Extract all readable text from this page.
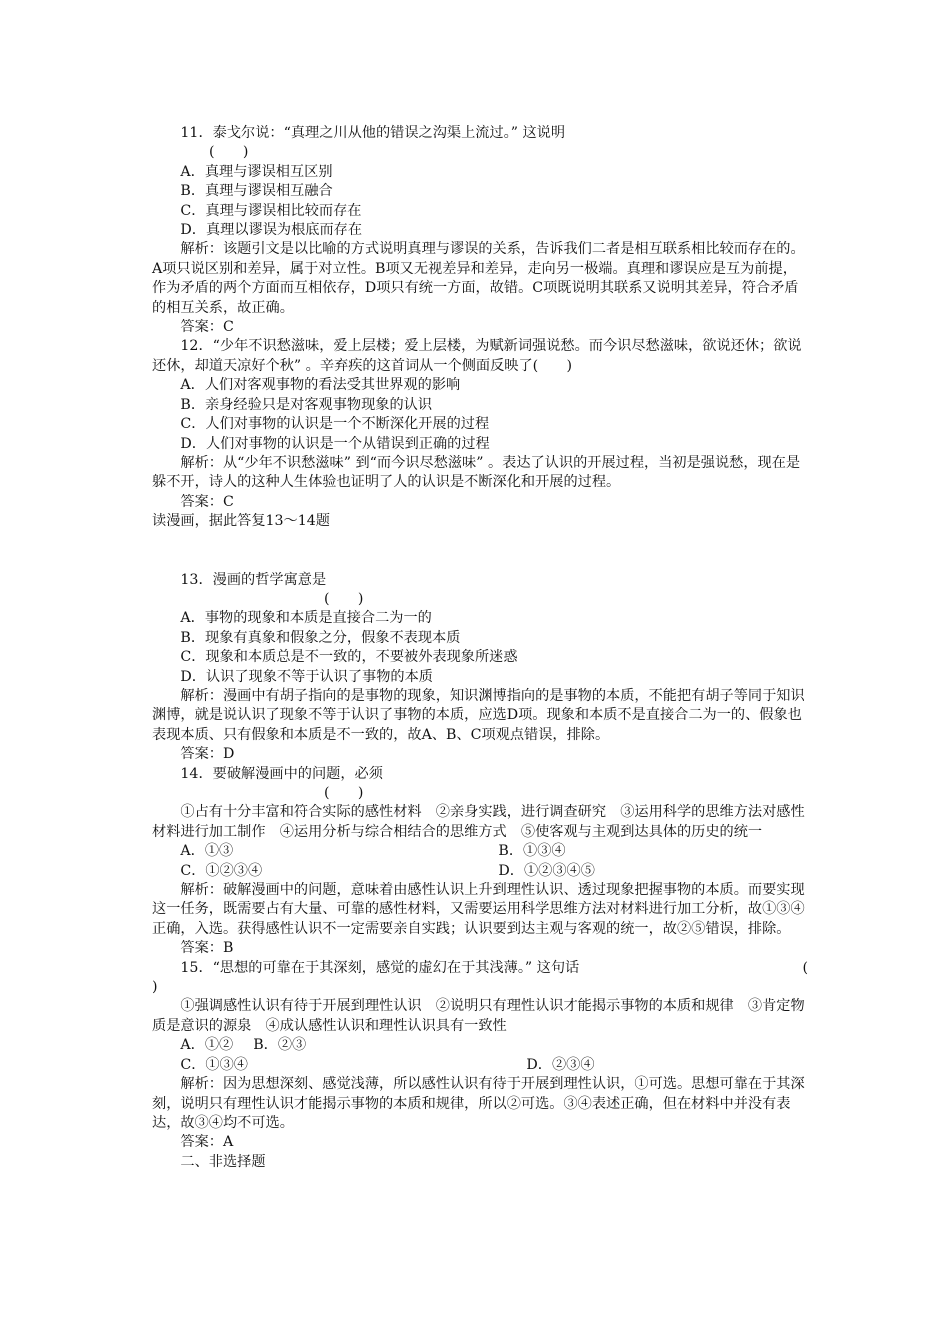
11．泰戈尔说：“真理之川从他的错误之沟渠上流过。” 这说明

(　　)

A．真理与谬误相互区别

B．真理与谬误相互融合

C．真理与谬误相比较而存在

D．真理以谬误为根底而存在

解析：该题引文是以比喻的方式说明真理与谬误的关系，告诉我们二者是相互联系相比较而存在的。A项只说区别和差异，属于对立性。B项又无视差异和差异，走向另一极端。真理和谬误应是互为前提，作为矛盾的两个方面而互相依存，D项只有统一方面，故错。C项既说明其联系又说明其差异，符合矛盾的相互关系，故正确。

答案：C

12．“少年不识愁滋味，爱上层楼；爱上层楼，为赋新词强说愁。而今识尽愁滋味，欲说还休；欲说还休，却道天凉好个秋” 。辛弃疾的这首词从一个侧面反映了(　　)

A．人们对客观事物的看法受其世界观的影响

B．亲身经验只是对客观事物现象的认识

C．人们对事物的认识是一个不断深化开展的过程

D．人们对事物的认识是一个从错误到正确的过程

解析：从“少年不识愁滋味” 到“而今识尽愁滋味” 。表达了认识的开展过程，当初是强说愁，现在是躲不开，诗人的这种人生体验也证明了人的认识是不断深化和开展的过程。

答案：C

读漫画，据此答复13～14题

13．漫画的哲学寓意是

(　　)

A．事物的现象和本质是直接合二为一的

B．现象有真象和假象之分，假象不表现本质

C．现象和本质总是不一致的，不要被外表现象所迷惑

D．认识了现象不等于认识了事物的本质

解析：漫画中有胡子指向的是事物的现象，知识渊博指向的是事物的本质，不能把有胡子等同于知识渊博，就是说认识了现象不等于认识了事物的本质，应选D项。现象和本质不是直接合二为一的、假象也表现本质、只有假象和本质是不一致的，故A、B、C项观点错误，排除。

答案：D

14．要破解漫画中的问题，必须

(　　)

①占有十分丰富和符合实际的感性材料　②亲身实践，进行调查研究　③运用科学的思维方法对感性材料进行加工制作　④运用分析与综合相结合的思维方式　⑤使客观与主观到达具体的历史的统一

A．①③	B．①③④
C．①②③④	D．①②③④⑤

解析：破解漫画中的问题，意味着由感性认识上升到理性认识、透过现象把握事物的本质。而要实现这一任务，既需要占有大量、可靠的感性材料，又需要运用科学思维方法对材料进行加工分析，故①③④正确，入选。获得感性认识不一定需要亲自实践；认识要到达主观与客观的统一，故②⑤错误，排除。

答案：B

15．“思想的可靠在于其深刻，感觉的虚幻在于其浅薄。” 这句话	(

)

①强调感性认识有待于开展到理性认识　②说明只有理性认识才能揭示事物的本质和规律　③肯定物质是意识的源泉　④成认感性认识和理性认识具有一致性

A．①② B．②③
C．①③④	D．②③④

解析：因为思想深刻、感觉浅薄，所以感性认识有待于开展到理性认识，①可选。思想可靠在于其深刻，说明只有理性认识才能揭示事物的本质和规律，所以②可选。③④表述正确，但在材料中并没有表达，故③④均不可选。

答案：A

二、非选择题
